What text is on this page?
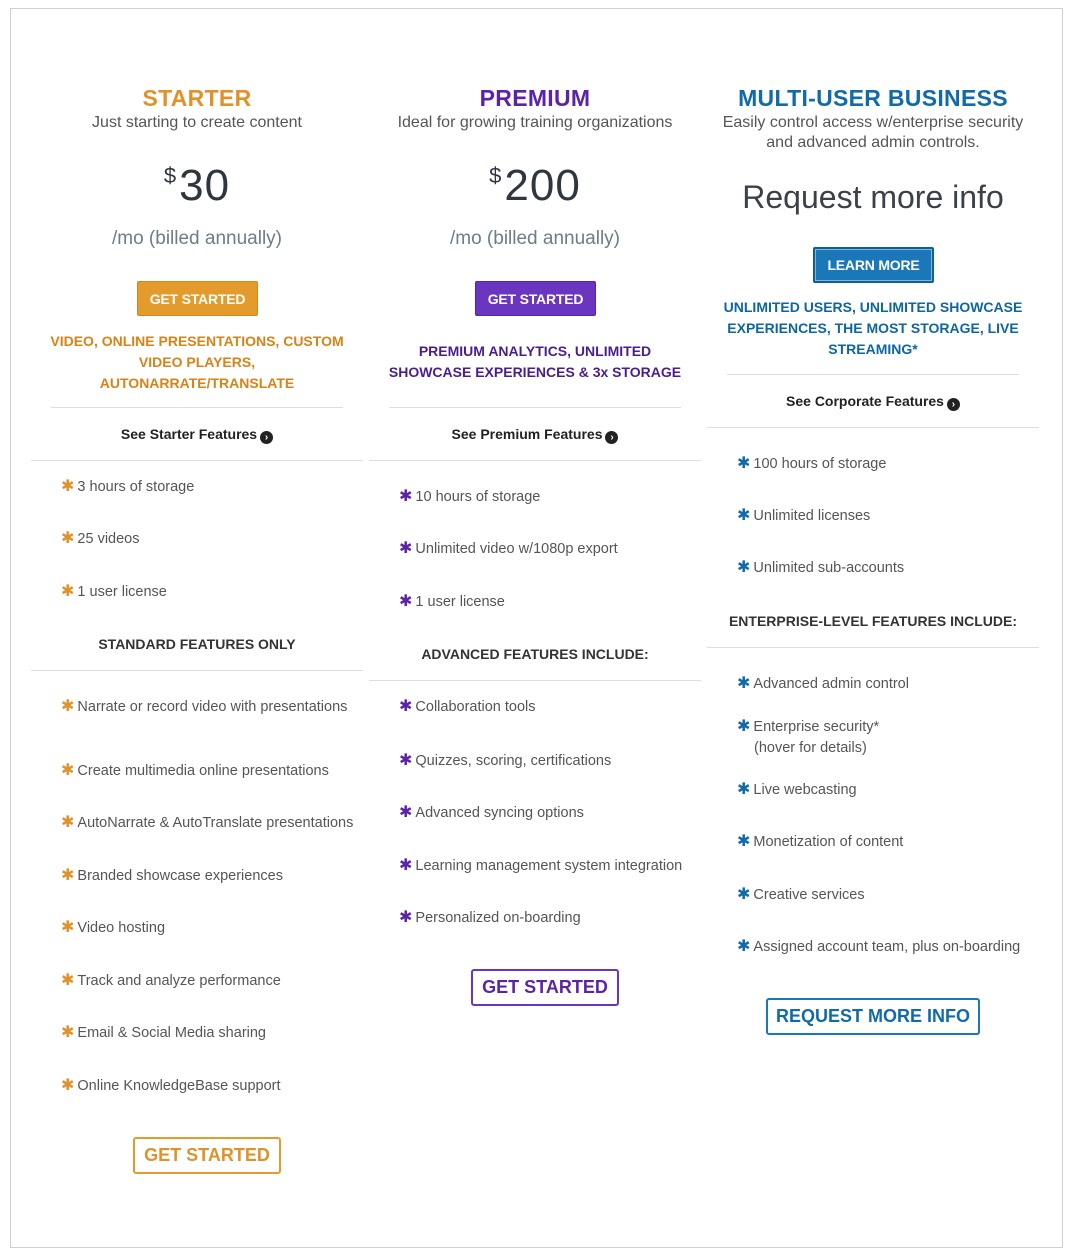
STARTER
Just starting to create content
$30
/mo (billed annually)
GET STARTED
VIDEO, ONLINE PRESENTATIONS, CUSTOM
VIDEO PLAYERS,
AUTONARRATE/TRANSLATE
See Starter Features ›
✱ 3 hours of storage
✱ 25 videos
✱ 1 user license
STANDARD FEATURES ONLY
✱ Narrate or record video with presentations
✱ Create multimedia online presentations
✱ AutoNarrate & AutoTranslate presentations
✱ Branded showcase experiences
✱ Video hosting
✱ Track and analyze performance
✱ Email & Social Media sharing
✱ Online KnowledgeBase support
GET STARTED
PREMIUM
Ideal for growing training organizations
$200
/mo (billed annually)
GET STARTED
PREMIUM ANALYTICS, UNLIMITED
SHOWCASE EXPERIENCES & 3x STORAGE
See Premium Features ›
✱ 10 hours of storage
✱ Unlimited video w/1080p export
✱ 1 user license
ADVANCED FEATURES INCLUDE:
✱ Collaboration tools
✱ Quizzes, scoring, certifications
✱ Advanced syncing options
✱ Learning management system integration
✱ Personalized on-boarding
GET STARTED
MULTI-USER BUSINESS
Easily control access w/enterprise security
and advanced admin controls.
Request more info
LEARN MORE
UNLIMITED USERS, UNLIMITED SHOWCASE
EXPERIENCES, THE MOST STORAGE, LIVE
STREAMING*
See Corporate Features ›
✱ 100 hours of storage
✱ Unlimited licenses
✱ Unlimited sub-accounts
ENTERPRISE-LEVEL FEATURES INCLUDE:
✱ Advanced admin control
✱ Enterprise security*
(hover for details)
✱ Live webcasting
✱ Monetization of content
✱ Creative services
✱ Assigned account team, plus on-boarding
REQUEST MORE INFO
